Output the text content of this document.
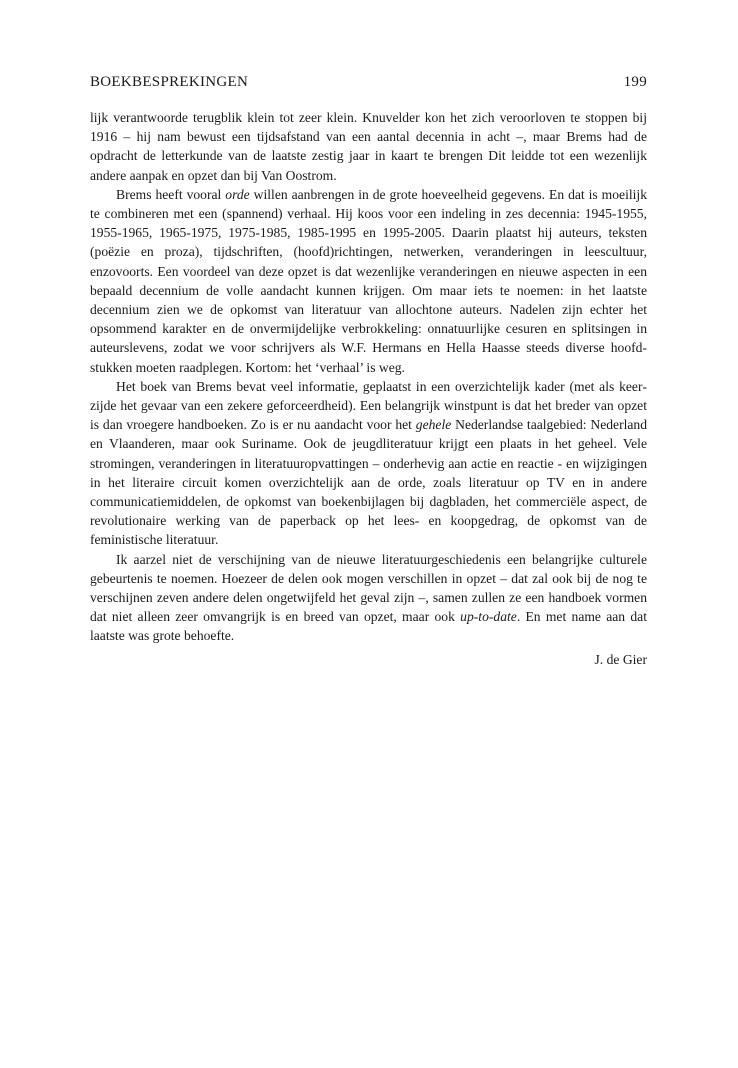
BOEKBESPREKINGEN	199

lijk verantwoorde terugblik klein tot zeer klein. Knuvelder kon het zich veroorloven te stoppen bij 1916 – hij nam bewust een tijdsafstand van een aantal decennia in acht –, maar Brems had de opdracht de letterkunde van de laatste zestig jaar in kaart te brengen Dit leidde tot een wezenlijk andere aanpak en opzet dan bij Van Oostrom.

Brems heeft vooral orde willen aanbrengen in de grote hoeveelheid gegevens. En dat is moeilijk te combineren met een (spannend) verhaal. Hij koos voor een indeling in zes decennia: 1945-1955, 1955-1965, 1965-1975, 1975-1985, 1985-1995 en 1995-2005. Daarin plaatst hij auteurs, teksten (poëzie en proza), tijdschriften, (hoofd)richtingen, netwerken, veranderingen in leescultuur, enzovoorts. Een voordeel van deze opzet is dat wezenlijke veranderingen en nieuwe aspecten in een bepaald decennium de volle aandacht kunnen krijgen. Om maar iets te noemen: in het laatste decennium zien we de opkomst van literatuur van allochtone auteurs. Nadelen zijn echter het opsommend karakter en de onvermijdelijke verbrokkeling: onnatuurlijke cesuren en splitsingen in auteurslevens, zodat we voor schrijvers als W.F. Hermans en Hella Haasse steeds diverse hoofdstukken moeten raadplegen. Kortom: het ‘verhaal’ is weg.

Het boek van Brems bevat veel informatie, geplaatst in een overzichtelijk kader (met als keerzijde het gevaar van een zekere geforceerdheid). Een belangrijk winstpunt is dat het breder van opzet is dan vroegere handboeken. Zo is er nu aandacht voor het gehele Nederlandse taalgebied: Nederland en Vlaanderen, maar ook Suriname. Ook de jeugdliteratuur krijgt een plaats in het geheel. Vele stromingen, veranderingen in literatuuropvattingen – onderhevig aan actie en reactie - en wijzigingen in het literaire circuit komen overzichtelijk aan de orde, zoals literatuur op TV en in andere communicatiemiddelen, de opkomst van boekenbijlagen bij dagbladen, het commerciële aspect, de revolutionaire werking van de paperback op het lees- en koopgedrag, de opkomst van de feministische literatuur.

Ik aarzel niet de verschijning van de nieuwe literatuurgeschiedenis een belangrijke culturele gebeurtenis te noemen. Hoezeer de delen ook mogen verschillen in opzet – dat zal ook bij de nog te verschijnen zeven andere delen ongetwijfeld het geval zijn –, samen zullen ze een handboek vormen dat niet alleen zeer omvangrijk is en breed van opzet, maar ook up-to-date. En met name aan dat laatste was grote behoefte.

J. de Gier
